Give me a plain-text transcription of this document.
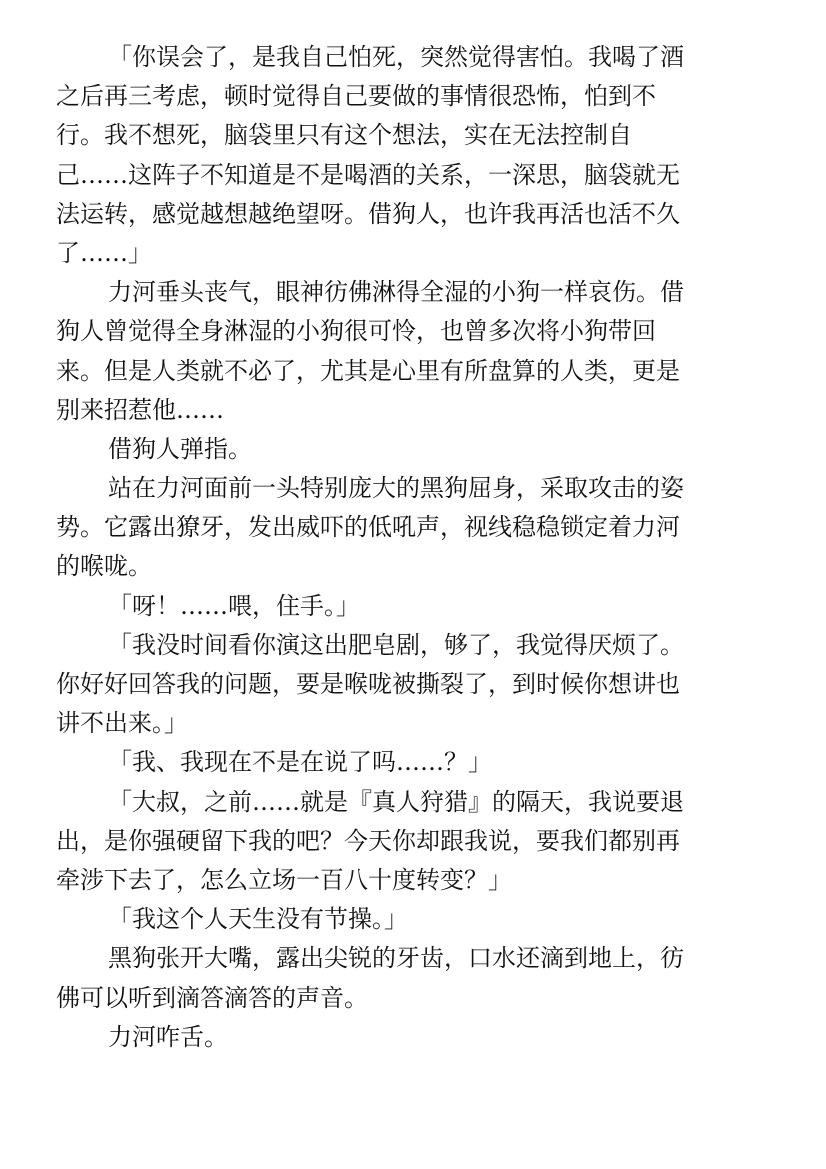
「你误会了，是我自己怕死，突然觉得害怕。我喝了酒
之后再三考虑，顿时觉得自己要做的事情很恐怖，怕到不
行。我不想死，脑袋里只有这个想法，实在无法控制自
己……这阵子不知道是不是喝酒的关系，一深思，脑袋就无
法运转，感觉越想越绝望呀。借狗人，也许我再活也活不久
了……」
力河垂头丧气，眼神彷佛淋得全湿的小狗一样哀伤。借
狗人曾觉得全身淋湿的小狗很可怜，也曾多次将小狗带回
来。但是人类就不必了，尤其是心里有所盘算的人类，更是
别来招惹他……
借狗人弹指。
站在力河面前一头特别庞大的黑狗屈身，采取攻击的姿
势。它露出獠牙，发出威吓的低吼声，视线稳稳锁定着力河
的喉咙。
「呀！……喂，住手。」
「我没时间看你演这出肥皂剧，够了，我觉得厌烦了。
你好好回答我的问题，要是喉咙被撕裂了，到时候你想讲也
讲不出来。」
「我、我现在不是在说了吗……？」
「大叔，之前……就是『真人狩猎』的隔天，我说要退
出，是你强硬留下我的吧？今天你却跟我说，要我们都别再
牵涉下去了，怎么立场一百八十度转变？」
「我这个人天生没有节操。」
黑狗张开大嘴，露出尖锐的牙齿，口水还滴到地上，彷
佛可以听到滴答滴答的声音。
力河咋舌。
